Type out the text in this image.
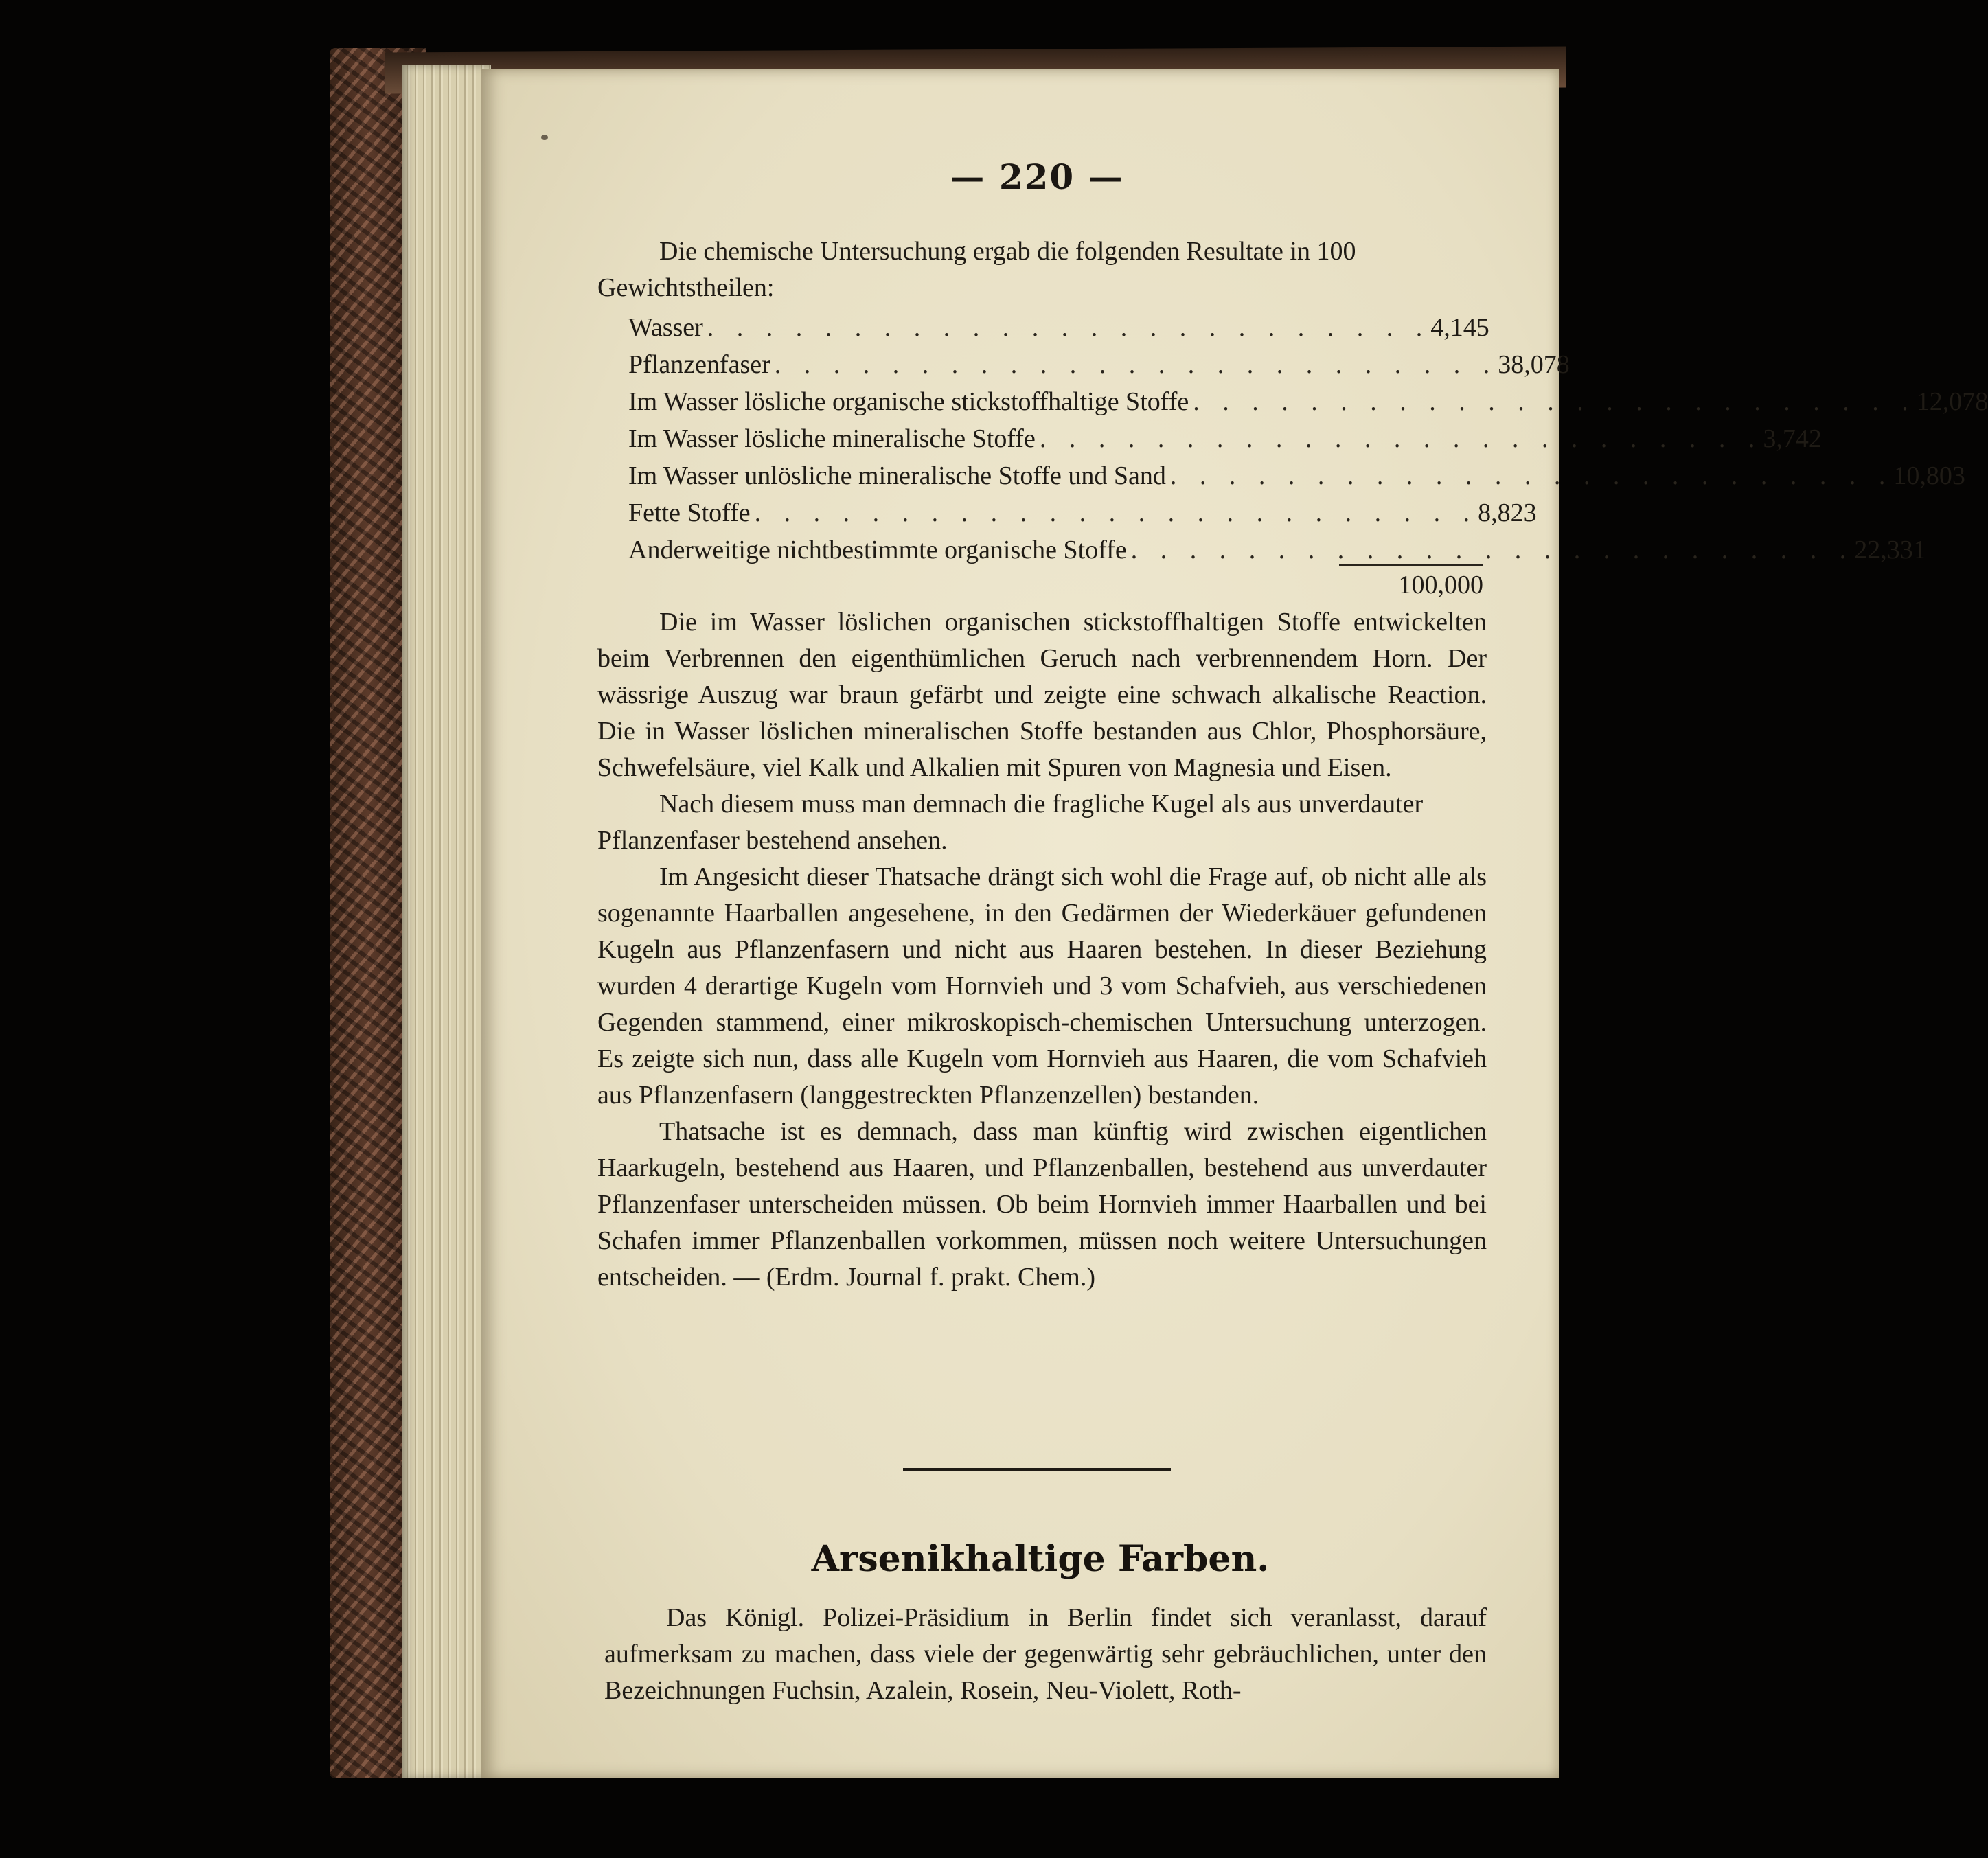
— 220 —

Die chemische Untersuchung ergab die folgenden Resultate in 100 Gewichtstheilen:

Wasser . . . . . . . . . . . . . . . . . . . . . . . . . 4,145
Pflanzenfaser . . . . . . . . . . . . . . . . . . . . . . . . . 38,078
Im Wasser lösliche organische stickstoffhaltige Stoffe . . . . . . . . . . . . . . . . . . . . . . . . . 12,078
Im Wasser lösliche mineralische Stoffe . . . . . . . . . . . . . . . . . . . . . . . . . 3,742
Im Wasser unlösliche mineralische Stoffe und Sand . . . . . . . . . . . . . . . . . . . . . . . . . 10,803
Fette Stoffe . . . . . . . . . . . . . . . . . . . . . . . . . 8,823
Anderweitige nichtbestimmte organische Stoffe . . . . . . . . . . . . . . . . . . . . . . . . . 22,331
100,000

Die im Wasser löslichen organischen stickstoffhaltigen Stoffe entwickelten beim Verbrennen den eigenthümlichen Geruch nach verbrennendem Horn. Der wässrige Auszug war braun gefärbt und zeigte eine schwach alkalische Reaction. Die in Wasser löslichen mineralischen Stoffe bestanden aus Chlor, Phosphorsäure, Schwefelsäure, viel Kalk und Alkalien mit Spuren von Magnesia und Eisen.

Nach diesem muss man demnach die fragliche Kugel als aus unverdauter Pflanzenfaser bestehend ansehen.

Im Angesicht dieser Thatsache drängt sich wohl die Frage auf, ob nicht alle als sogenannte Haarballen angesehene, in den Gedärmen der Wiederkäuer gefundenen Kugeln aus Pflanzenfasern und nicht aus Haaren bestehen. In dieser Beziehung wurden 4 derartige Kugeln vom Hornvieh und 3 vom Schafvieh, aus verschiedenen Gegenden stammend, einer mikroskopisch-chemischen Untersuchung unterzogen. Es zeigte sich nun, dass alle Kugeln vom Hornvieh aus Haaren, die vom Schafvieh aus Pflanzenfasern (langgestreckten Pflanzenzellen) bestanden.

Thatsache ist es demnach, dass man künftig wird zwischen eigentlichen Haarkugeln, bestehend aus Haaren, und Pflanzenballen, bestehend aus unverdauter Pflanzenfaser unterscheiden müssen. Ob beim Hornvieh immer Haarballen und bei Schafen immer Pflanzenballen vorkommen, müssen noch weitere Untersuchungen entscheiden. — (Erdm. Journal f. prakt. Chem.)

Arsenikhaltige Farben.

Das Königl. Polizei-Präsidium in Berlin findet sich veranlasst, darauf aufmerksam zu machen, dass viele der gegenwärtig sehr gebräuchlichen, unter den Bezeichnungen Fuchsin, Azalein, Rosein, Neu-Violett, Roth-
